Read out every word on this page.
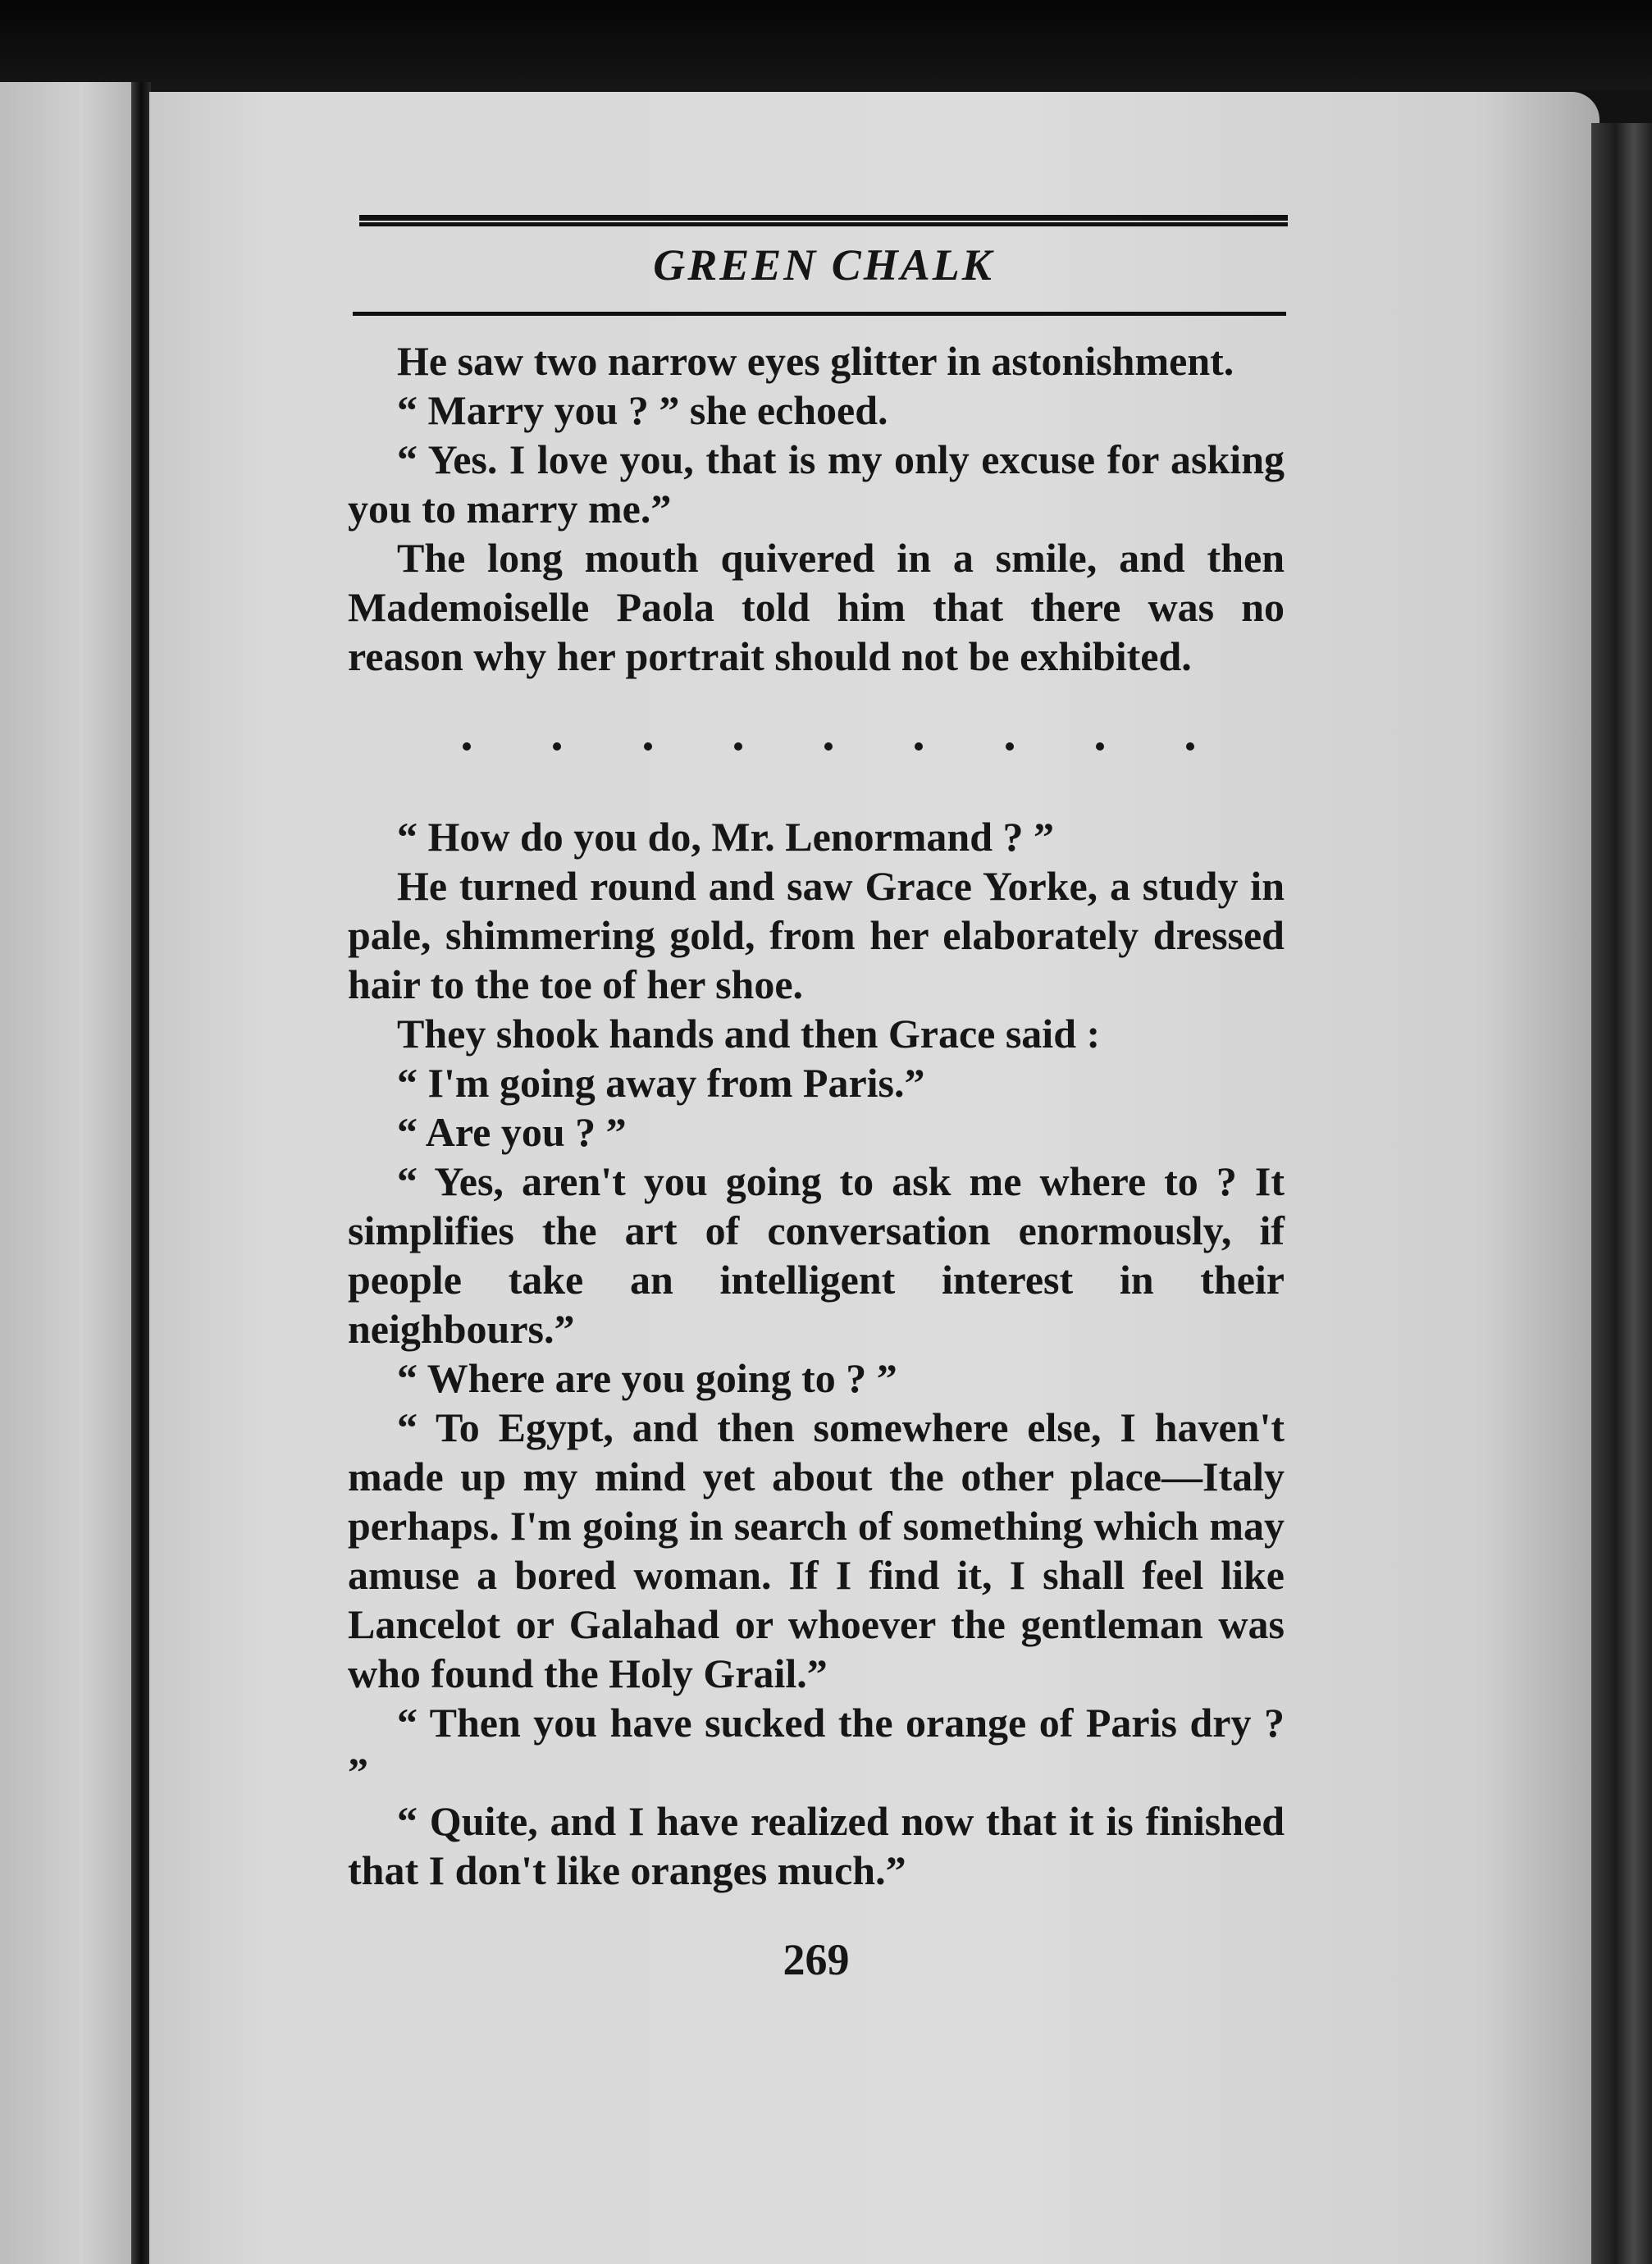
GREEN CHALK

He saw two narrow eyes glitter in astonishment.

“ Marry you ? ” she echoed.

“ Yes. I love you, that is my only excuse for asking you to marry me.”

The long mouth quivered in a smile, and then Mademoiselle Paola told him that there was no reason why her portrait should not be exhibited.

“ How do you do, Mr. Lenormand ? ”

He turned round and saw Grace Yorke, a study in pale, shimmering gold, from her elaborately dressed hair to the toe of her shoe.

They shook hands and then Grace said :

“ I'm going away from Paris.”

“ Are you ? ”

“ Yes, aren't you going to ask me where to ? It simplifies the art of conversation enormously, if people take an intelligent interest in their neighbours.”

“ Where are you going to ? ”

“ To Egypt, and then somewhere else, I haven't made up my mind yet about the other place—Italy perhaps. I'm going in search of something which may amuse a bored woman. If I find it, I shall feel like Lancelot or Galahad or whoever the gentleman was who found the Holy Grail.”

“ Then you have sucked the orange of Paris dry ? ”

“ Quite, and I have realized now that it is finished that I don't like oranges much.”

269
